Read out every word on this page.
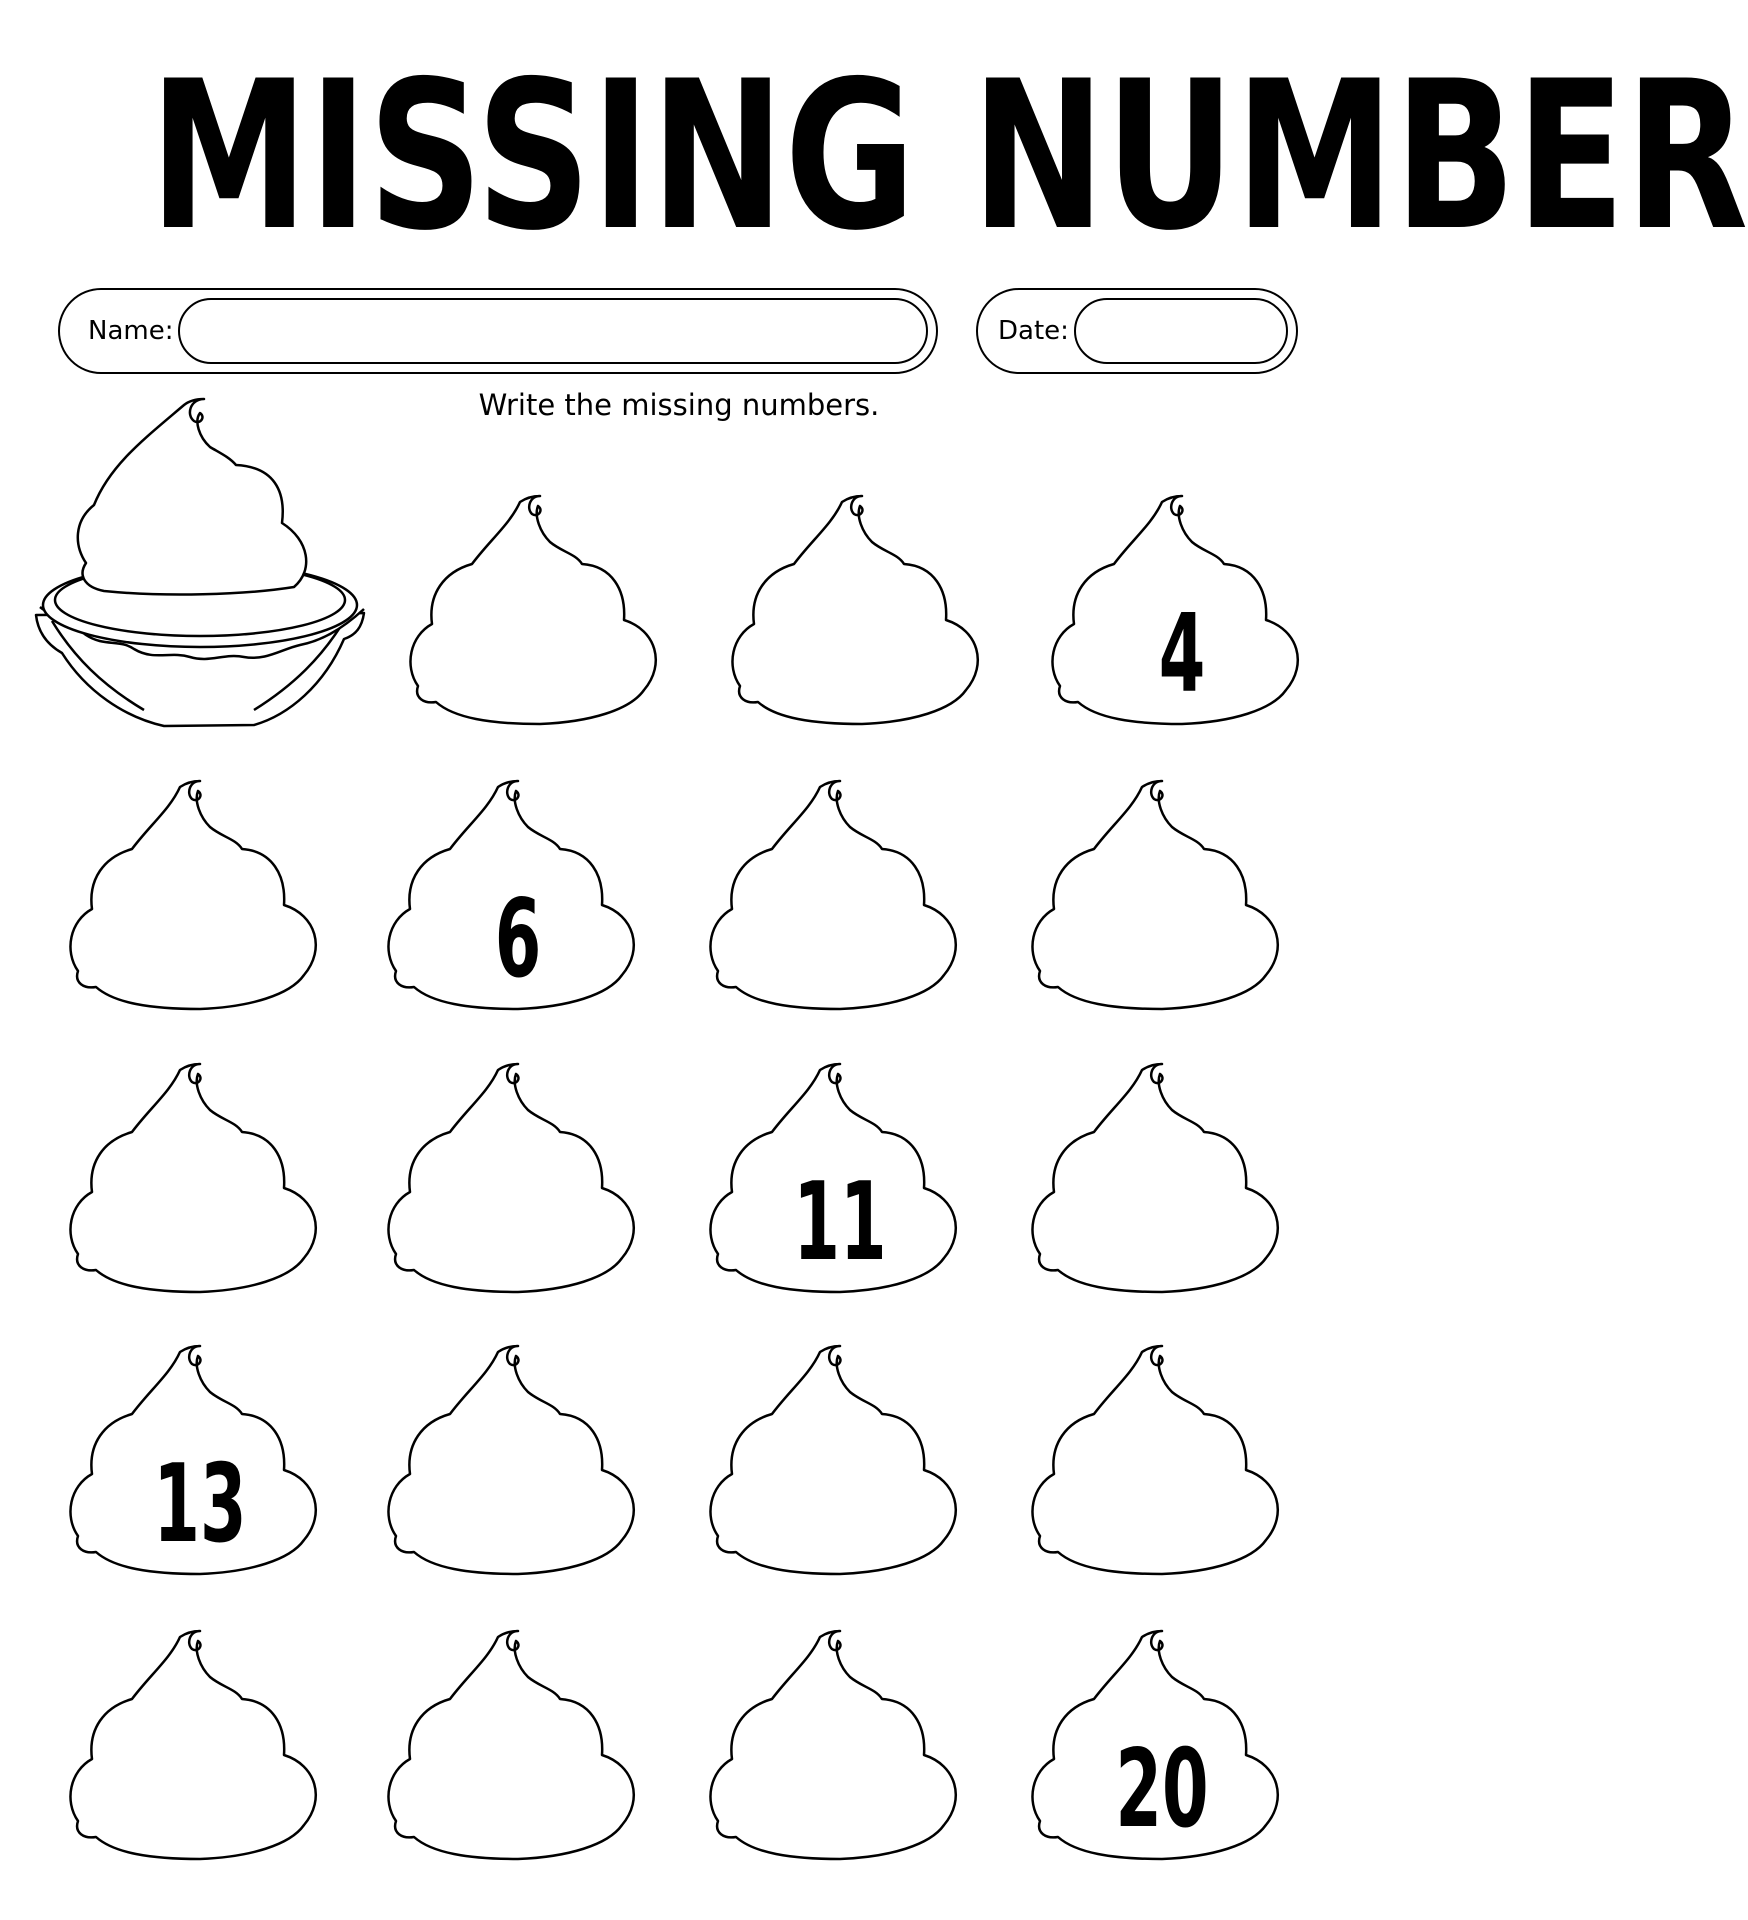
MISSING NUMBER
Name:	Date:
Write the missing numbers.
4
6
11
13
20
